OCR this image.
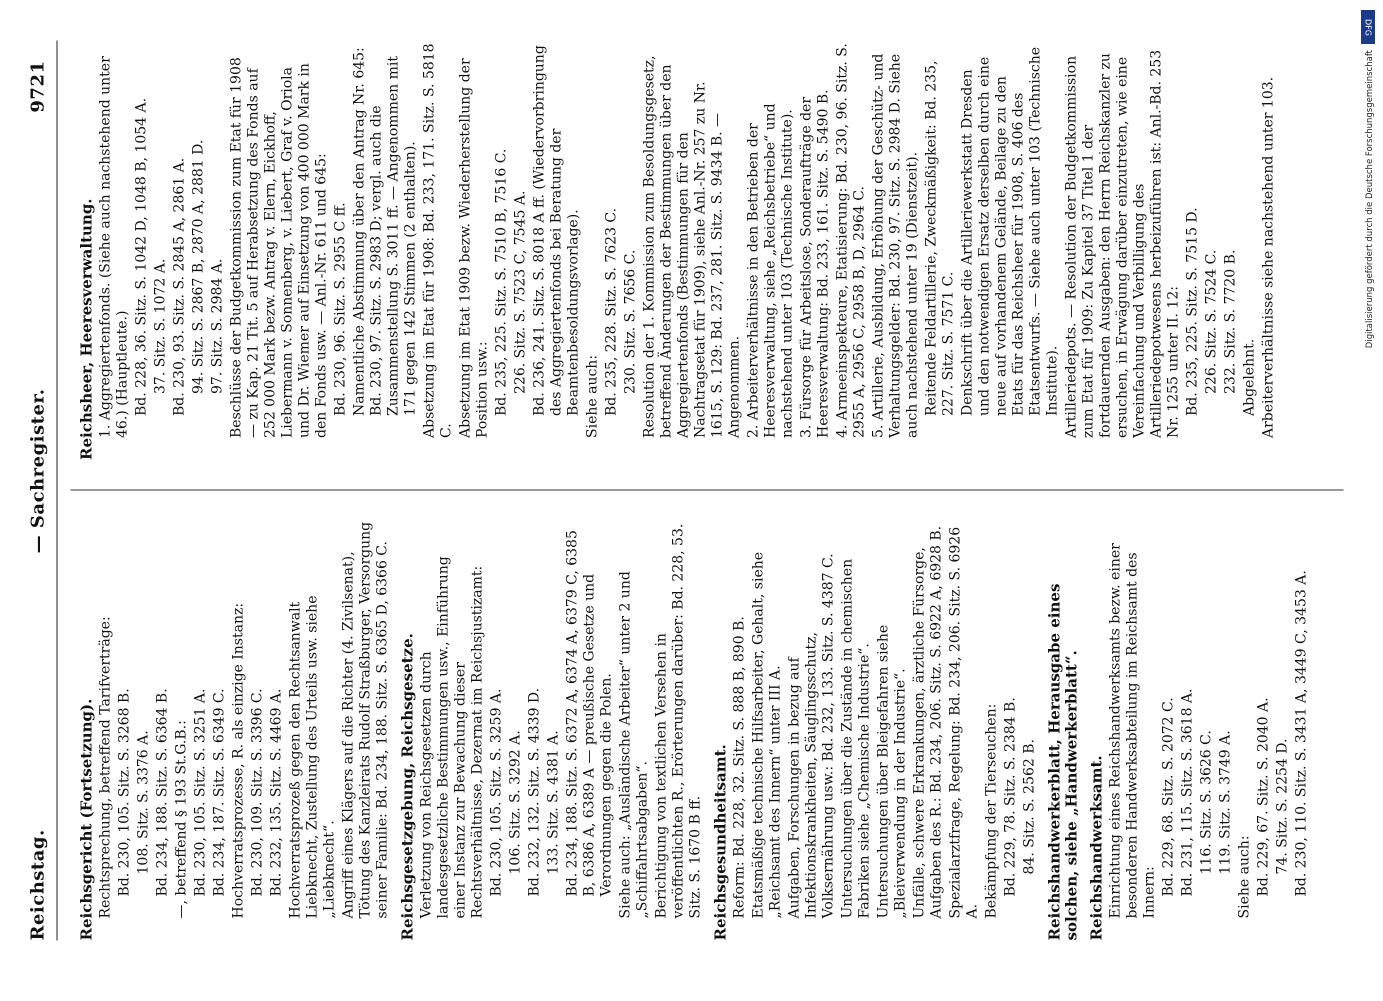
Reichstag.
— Sachregister.
9721
Reichsgericht (Fortsetzung). Rechtsprechung, betreffend Tarifverträge: Bd. 230, 105. Sitz. S. 3268 B. 108. Sitz. S. 3376 A. Bd. 234, 188. Sitz. S. 6364 B. —, betreffend § 193 St.G.B.: Bd. 230, 105. Sitz. S. 3251 A. Bd. 234, 187. Sitz. S. 6349 C. Hochverratsprozesse, R. als einzige Instanz: Bd. 230, 109. Sitz. S. 3396 C. Bd. 232, 135. Sitz. S. 4469 A. Hochverratsprozeß gegen den Rechtsanwalt Liebknecht, Zustellung des Urteils usw. siehe „Liebknecht“. Angriff eines Klägers auf die Richter (4. Zivilsenat), Tötung des Kanzleirats Rudolf Straßburger, Versorgung seiner Familie: Bd. 234, 188. Sitz. S. 6365 D, 6366 C. Reichsgesetzgebung, Reichsgesetze. Verletzung von Reichsgesetzen durch landesgesetzliche Bestimmungen usw., Einführung einer Instanz zur Bewachung dieser Rechtsverhältnisse, Dezernat im Reichsjustizamt: Bd. 230, 105. Sitz. S. 3259 A. 106. Sitz. S. 3292 A. Bd. 232, 132. Sitz. S. 4339 D. 133. Sitz. S. 4381 A. Bd. 234, 188. Sitz. S. 6372 A, 6374 A, 6379 C, 6385 B, 6386 A, 6389 A — preußische Gesetze und Verordnungen gegen die Polen. Siehe auch: „Ausländische Arbeiter“ unter 2 und „Schiffahrtsabgaben“. Berichtigung von textlichen Versehen in veröffentlichten R., Erörterungen darüber: Bd. 228, 53. Sitz. S. 1670 B ff. Reichsgesundheitsamt. Reform: Bd. 228, 32. Sitz. S. 888 B, 890 B. Etatsmäßige technische Hilfsarbeiter, Gehalt, siehe „Reichsamt des Innern“ unter III A. Aufgaben, Forschungen in bezug auf Infektionskrankheiten, Säuglingsschutz, Volksernährung usw.: Bd. 232, 133. Sitz. S. 4387 C. Untersuchungen über die Zustände in chemischen Fabriken siehe „Chemische Industrie“. Untersuchungen über Bleigefahren siehe „Bleiverwendung in der Industrie“. Unfälle, schwere Erkrankungen, ärztliche Fürsorge, Aufgaben des R.: Bd. 234, 206. Sitz. S. 6922 A, 6928 B. Spezialarztfrage, Regelung: Bd. 234, 206. Sitz. S. 6926 A. Bekämpfung der Tierseuchen: Bd. 229, 78. Sitz. S. 2384 B. 84. Sitz. S. 2562 B. Reichshandwerkerblatt, Herausgabe eines solchen, siehe „Handwerkerblatt“. Reichshandwerksamt. Einrichtung eines Reichshandwerksamts bezw. einer besonderen Handwerksabteilung im Reichsamt des Innern: Bd. 229, 68. Sitz. S. 2072 C. Bd. 231, 115. Sitz. S. 3618 A. 116. Sitz. S. 3626 C. 119. Sitz. S. 3749 A.
Siehe auch: Bd. 229, 67. Sitz. S. 2040 A. 74. Sitz. S. 2254 D. Bd. 230, 110. Sitz. S. 3431 A, 3449 C, 3453 A.
Reichsheer, Heeresverwaltung. 1. Aggregiertenfonds. (Siehe auch nachstehend unter 46.) (Hauptleute.) Bd. 228, 36. Sitz. S. 1042 D, 1048 B, 1054 A. 37. Sitz. S. 1072 A. Bd. 230, 93. Sitz. S. 2845 A, 2861 A. 94. Sitz. S. 2867 B, 2870 A, 2881 D. 97. Sitz. S. 2984 A. Beschlüsse der Budgetkommission zum Etat für 1908 — zu Kap. 21 Tit. 5 auf Herabsetzung des Fonds auf 252 000 Mark bezw. Antrag v. Elern, Eickhoff, Liebermann v. Sonnenberg, v. Liebert, Graf v. Oriola und Dr. Wiemer auf Einsetzung von 400 000 Mark in den Fonds usw. — Anl.-Nr. 611 und 645: Bd. 230, 96. Sitz. S. 2955 C ff. Namentliche Abstimmung über den Antrag Nr. 645: Bd. 230, 97. Sitz. S. 2983 D; vergl. auch die Zusammenstellung S. 3011 ff. — Angenommen mit 171 gegen 142 Stimmen (2 enthalten). Absetzung im Etat für 1908: Bd. 233, 171. Sitz. S. 5818 C. Absetzung im Etat 1909 bezw. Wiederherstellung der Position usw.: Bd. 235, 225. Sitz. S. 7510 B, 7516 C. 226. Sitz. S. 7523 C, 7545 A. Bd. 236, 241. Sitz. S. 8018 A ff. (Wiedervorbringung des Aggregiertenfonds bei Beratung der Beamtenbesoldungsvorlage). Siehe auch: Bd. 235, 228. Sitz. S. 7623 C. 230. Sitz. S. 7656 C. Resolution der 1. Kommission zum Besoldungsgesetz, betreffend Änderungen der Bestimmungen über den Aggregiertenfonds (Bestimmungen für den Nachtragsetat für 1909), siehe Anl.-Nr. 257 zu Nr. 1615, S. 129: Bd. 237, 281. Sitz. S. 9434 B. — Angenommen. 2. Arbeiterverhältnisse in den Betrieben der Heeresverwaltung, siehe „Reichsbetriebe“ und nachstehend unter 103 (Technische Institute). 3. Fürsorge für Arbeitslose, Sonderaufträge der Heeresverwaltung: Bd. 233, 161. Sitz. S. 5490 B. 4. Armeeinspekteure, Etatisierung: Bd. 230, 96. Sitz. S. 2955 A, 2956 C, 2958 B, D, 2964 C. 5. Artillerie, Ausbildung, Erhöhung der Geschütz- und Verhaltungsgelder: Bd. 230, 97. Sitz. S. 2984 D. Siehe auch nachstehend unter 19 (Dienstzeit). Reitende Feldartillerie, Zweckmäßigkeit: Bd. 235, 227. Sitz. S. 7571 C. Denkschrift über die Artilleriewerkstatt Dresden und den notwendigen Ersatz derselben durch eine neue auf vorhandenem Gelände, Beilage zu den Etats für das Reichsheer für 1908, S. 406 des Etatsentwurfs. — Siehe auch unter 103 (Technische Institute). Artilleriedepots. — Resolution der Budgetkommission zum Etat für 1909: Zu Kapitel 37 Titel 1 der fortdauernden Ausgaben: den Herrn Reichskanzler zu ersuchen, in Erwägung darüber einzutreten, wie eine Vereinfachung und Verbilligung des Artilleriedepotwesens herbeizuführen ist: Anl.-Bd. 253 Nr. 1255 unter II. 12: Bd. 235, 225. Sitz. S. 7515 D. 226. Sitz. S. 7524 C. 232. Sitz. S. 7720 B. Abgelehnt. Arbeiterverhältnisse siehe nachstehend unter 103.
DFG
Digitalisierung gefördert durch die Deutsche Forschungsgemeinschaft
